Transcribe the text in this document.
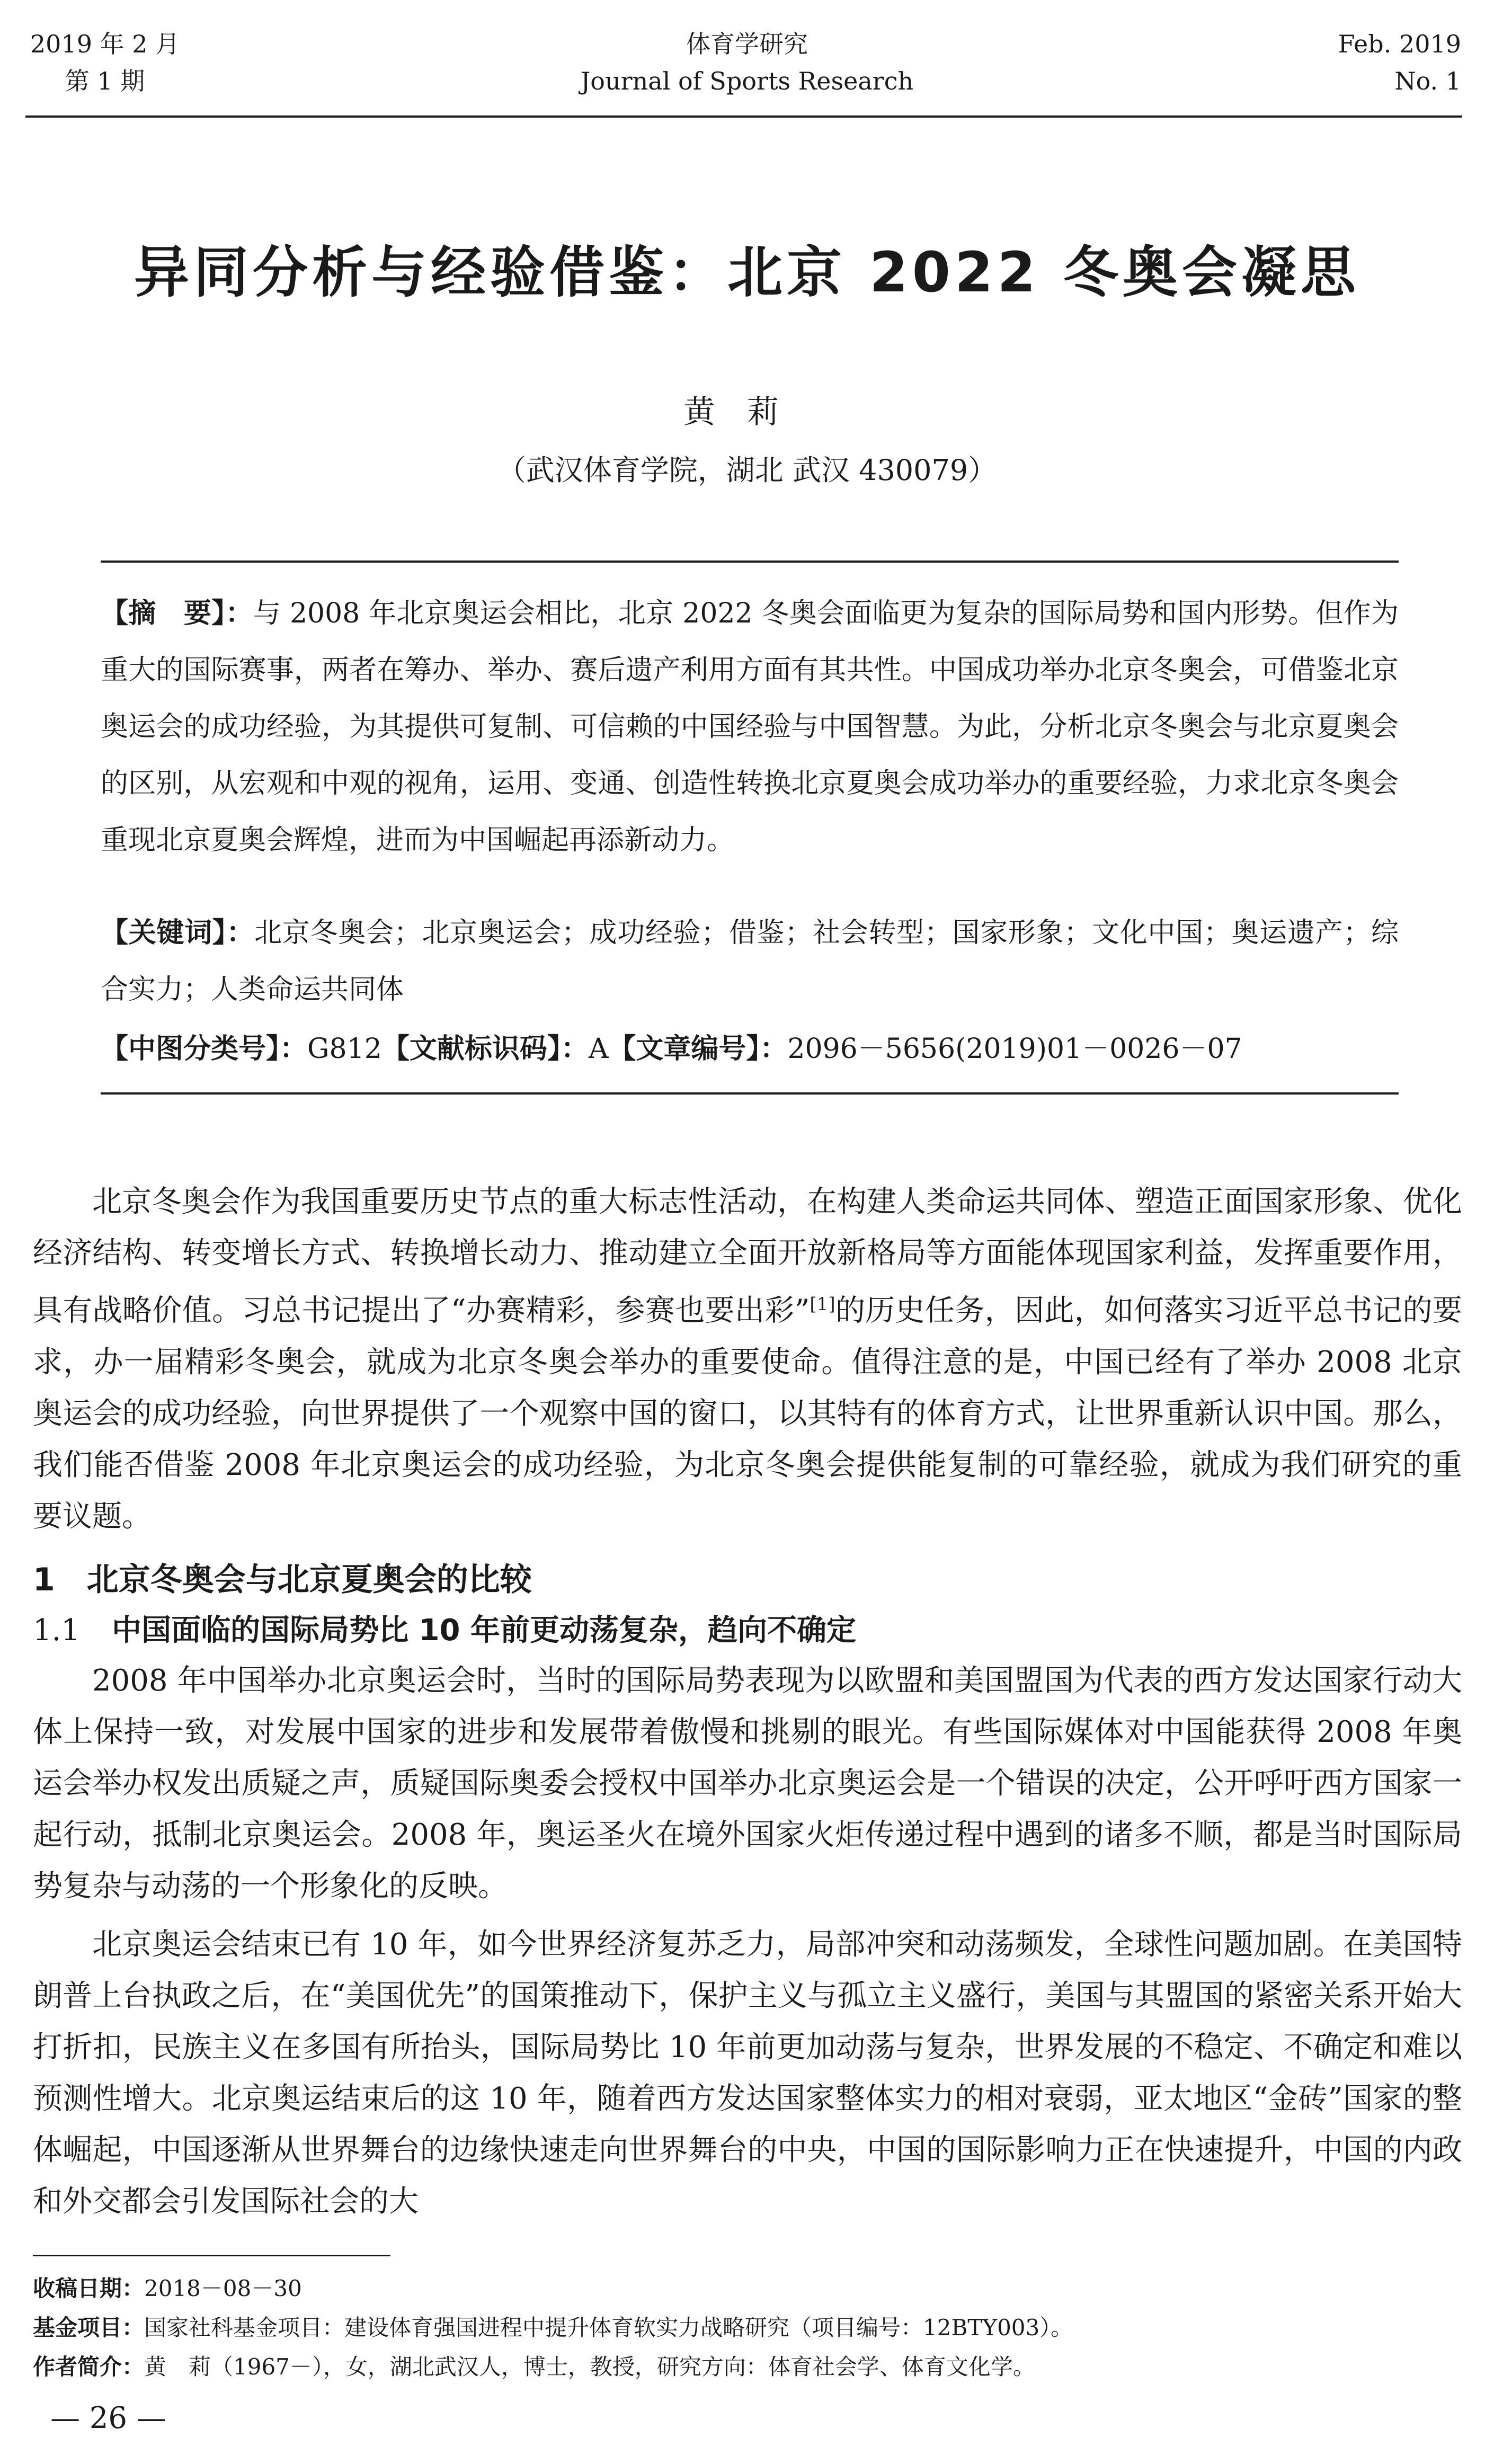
2019 年 2 月
第 1 期
体育学研究
Journal of Sports Research
Feb. 2019
No. 1
异同分析与经验借鉴：北京 2022 冬奥会凝思
黄莉
（武汉体育学院，湖北 武汉 430079）
【摘　要】：与 2008 年北京奥运会相比，北京 2022 冬奥会面临更为复杂的国际局势和国内形势。但作为重大的国际赛事，两者在筹办、举办、赛后遗产利用方面有其共性。中国成功举办北京冬奥会，可借鉴北京奥运会的成功经验，为其提供可复制、可信赖的中国经验与中国智慧。为此，分析北京冬奥会与北京夏奥会的区别，从宏观和中观的视角，运用、变通、创造性转换北京夏奥会成功举办的重要经验，力求北京冬奥会重现北京夏奥会辉煌，进而为中国崛起再添新动力。
【关键词】：北京冬奥会；北京奥运会；成功经验；借鉴；社会转型；国家形象；文化中国；奥运遗产；综合实力；人类命运共同体
【中图分类号】：G812【文献标识码】：A【文章编号】：2096－5656(2019)01－0026－07
北京冬奥会作为我国重要历史节点的重大标志性活动，在构建人类命运共同体、塑造正面国家形象、优化经济结构、转变增长方式、转换增长动力、推动建立全面开放新格局等方面能体现国家利益，发挥重要作用，具有战略价值。习总书记提出了“办赛精彩，参赛也要出彩”[1]的历史任务，因此，如何落实习近平总书记的要求，办一届精彩冬奥会，就成为北京冬奥会举办的重要使命。值得注意的是，中国已经有了举办 2008 北京奥运会的成功经验，向世界提供了一个观察中国的窗口，以其特有的体育方式，让世界重新认识中国。那么，我们能否借鉴 2008 年北京奥运会的成功经验，为北京冬奥会提供能复制的可靠经验，就成为我们研究的重要议题。
1 北京冬奥会与北京夏奥会的比较
1.1 中国面临的国际局势比 10 年前更动荡复杂，趋向不确定
2008 年中国举办北京奥运会时，当时的国际局势表现为以欧盟和美国盟国为代表的西方发达国家行动大体上保持一致，对发展中国家的进步和发展带着傲慢和挑剔的眼光。有些国际媒体对中国能获得 2008 年奥运会举办权发出质疑之声，质疑国际奥委会授权中国举办北京奥运会是一个错误的决定，公开呼吁西方国家一起行动，抵制北京奥运会。2008 年，奥运圣火在境外国家火炬传递过程中遇到的诸多不顺，都是当时国际局势复杂与动荡的一个形象化的反映。
北京奥运会结束已有 10 年，如今世界经济复苏乏力，局部冲突和动荡频发，全球性问题加剧。在美国特朗普上台执政之后，在“美国优先”的国策推动下，保护主义与孤立主义盛行，美国与其盟国的紧密关系开始大打折扣，民族主义在多国有所抬头，国际局势比 10 年前更加动荡与复杂，世界发展的不稳定、不确定和难以预测性增大。北京奥运结束后的这 10 年，随着西方发达国家整体实力的相对衰弱，亚太地区“金砖”国家的整体崛起，中国逐渐从世界舞台的边缘快速走向世界舞台的中央，中国的国际影响力正在快速提升，中国的内政和外交都会引发国际社会的大
收稿日期：2018－08－30
基金项目：国家社科基金项目：建设体育强国进程中提升体育软实力战略研究（项目编号：12BTY003）。
作者简介：黄　莉（1967－），女，湖北武汉人，博士，教授，研究方向：体育社会学、体育文化学。
— 26 —
